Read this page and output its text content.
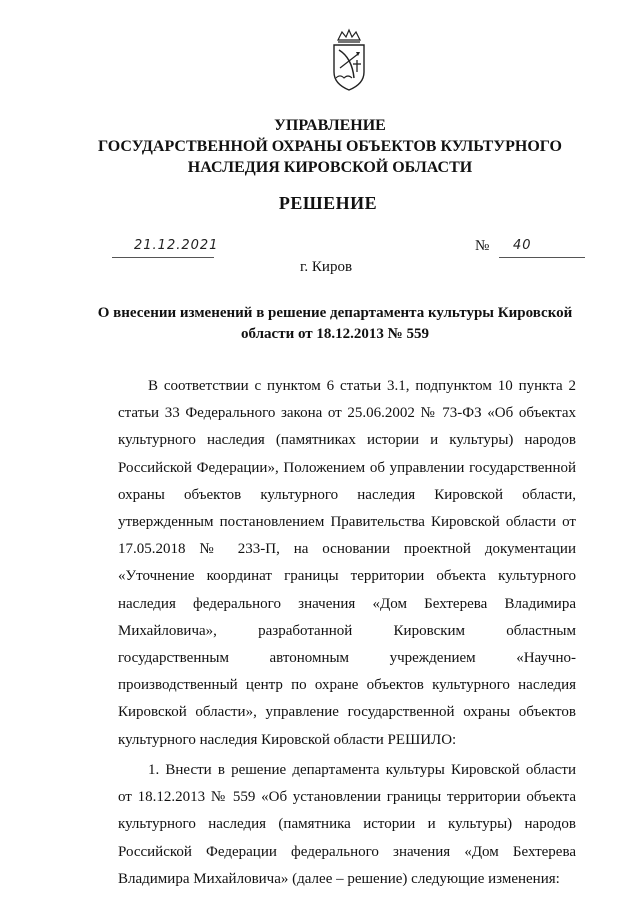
УПРАВЛЕНИЕ
ГОСУДАРСТВЕННОЙ ОХРАНЫ ОБЪЕКТОВ КУЛЬТУРНОГО
НАСЛЕДИЯ КИРОВСКОЙ ОБЛАСТИ
РЕШЕНИЕ
21.12.2021	№ 40
г. Киров
О внесении изменений в решение департамента культуры Кировской области от 18.12.2013 № 559

В соответствии с пунктом 6 статьи 3.1, подпунктом 10 пункта 2 статьи 33 Федерального закона от 25.06.2002 № 73-ФЗ «Об объектах культурного наследия (памятниках истории и культуры) народов Российской Федерации», Положением об управлении государственной охраны объектов культурного наследия Кировской области, утвержденным постановлением Правительства Кировской области от 17.05.2018 № 233-П, на основании проектной документации «Уточнение координат границы территории объекта культурного наследия федерального значения «Дом Бехтерева Владимира Михайловича», разработанной Кировским областным государственным автономным учреждением «Научно-производственный центр по охране объектов культурного наследия Кировской области», управление государственной охраны объектов культурного наследия Кировской области РЕШИЛО:

1. Внести в решение департамента культуры Кировской области от 18.12.2013 № 559 «Об установлении границы территории объекта культурного наследия (памятника истории и культуры) народов Российской Федерации федерального значения «Дом Бехтерева Владимира Михайловича» (далее – решение) следующие изменения:
